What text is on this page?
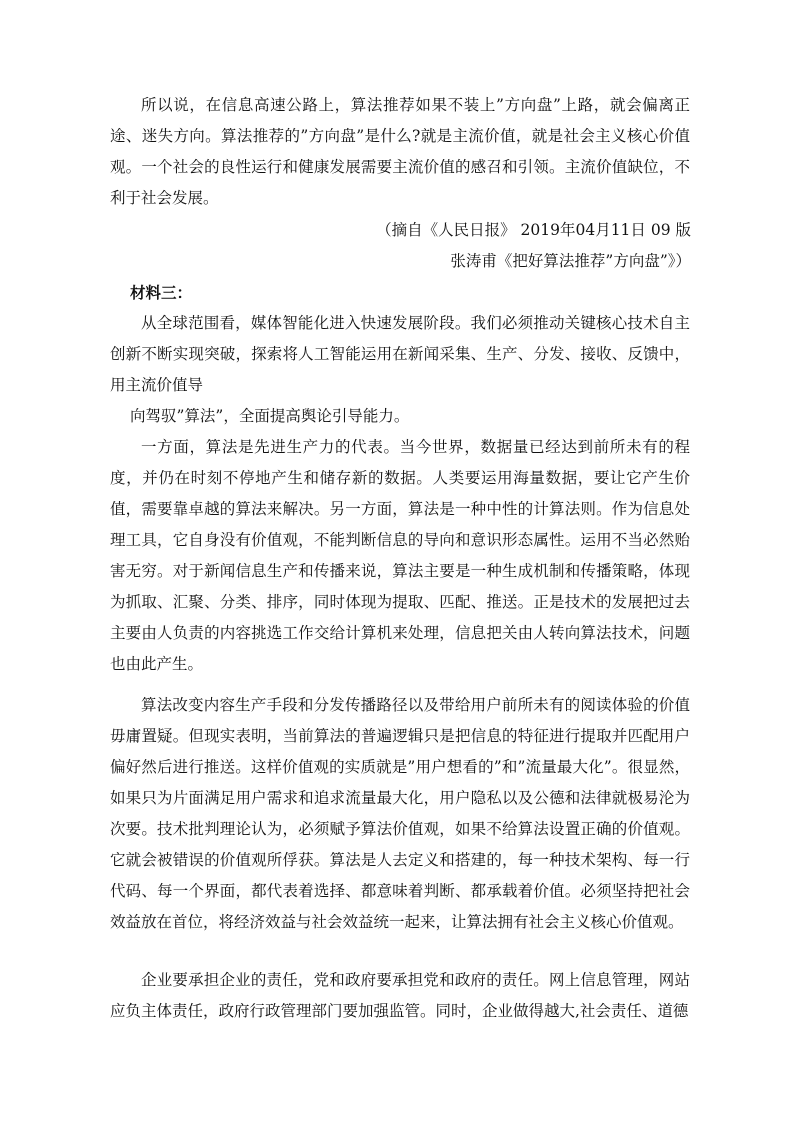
所以说，在信息高速公路上，算法推荐如果不装上”方向盘”上路，就会偏离正途、迷失方向。算法推荐的”方向盘”是什么?就是主流价值，就是社会主义核心价值观。一个社会的良性运行和健康发展需要主流价值的感召和引领。主流价值缺位，不利于社会发展。

（摘自《人民日报》 2019年04月11日 09 版

张涛甫《把好算法推荐”方向盘”》）

材料三：

从全球范围看，媒体智能化进入快速发展阶段。我们必须推动关键核心技术自主创新不断实现突破，探索将人工智能运用在新闻采集、生产、分发、接收、反馈中，用主流价值导

向驾驭”算法”，全面提高舆论引导能力。

一方面，算法是先进生产力的代表。当今世界，数据量已经达到前所未有的程度，并仍在时刻不停地产生和储存新的数据。人类要运用海量数据，要让它产生价值，需要靠卓越的算法来解决。另一方面，算法是一种中性的计算法则。作为信息处理工具，它自身没有价值观，不能判断信息的导向和意识形态属性。运用不当必然贻害无穷。对于新闻信息生产和传播来说，算法主要是一种生成机制和传播策略，体现为抓取、汇聚、分类、排序，同时体现为提取、匹配、推送。正是技术的发展把过去主要由人负责的内容挑选工作交给计算机来处理，信息把关由人转向算法技术，问题也由此产生。

算法改变内容生产手段和分发传播路径以及带给用户前所未有的阅读体验的价值毋庸置疑。但现实表明，当前算法的普遍逻辑只是把信息的特征进行提取并匹配用户偏好然后进行推送。这样价值观的实质就是”用户想看的”和”流量最大化”。很显然，如果只为片面满足用户需求和追求流量最大化，用户隐私以及公德和法律就极易沦为次要。技术批判理论认为，必须赋予算法价值观，如果不给算法设置正确的价值观。它就会被错误的价值观所俘获。算法是人去定义和搭建的，每一种技术架构、每一行代码、每一个界面，都代表着选择、都意味着判断、都承载着价值。必须坚持把社会效益放在首位，将经济效益与社会效益统一起来，让算法拥有社会主义核心价值观。

企业要承担企业的责任，党和政府要承担党和政府的责任。网上信息管理，网站应负主体责任，政府行政管理部门要加强监管。同时，企业做得越大,社会责任、道德
